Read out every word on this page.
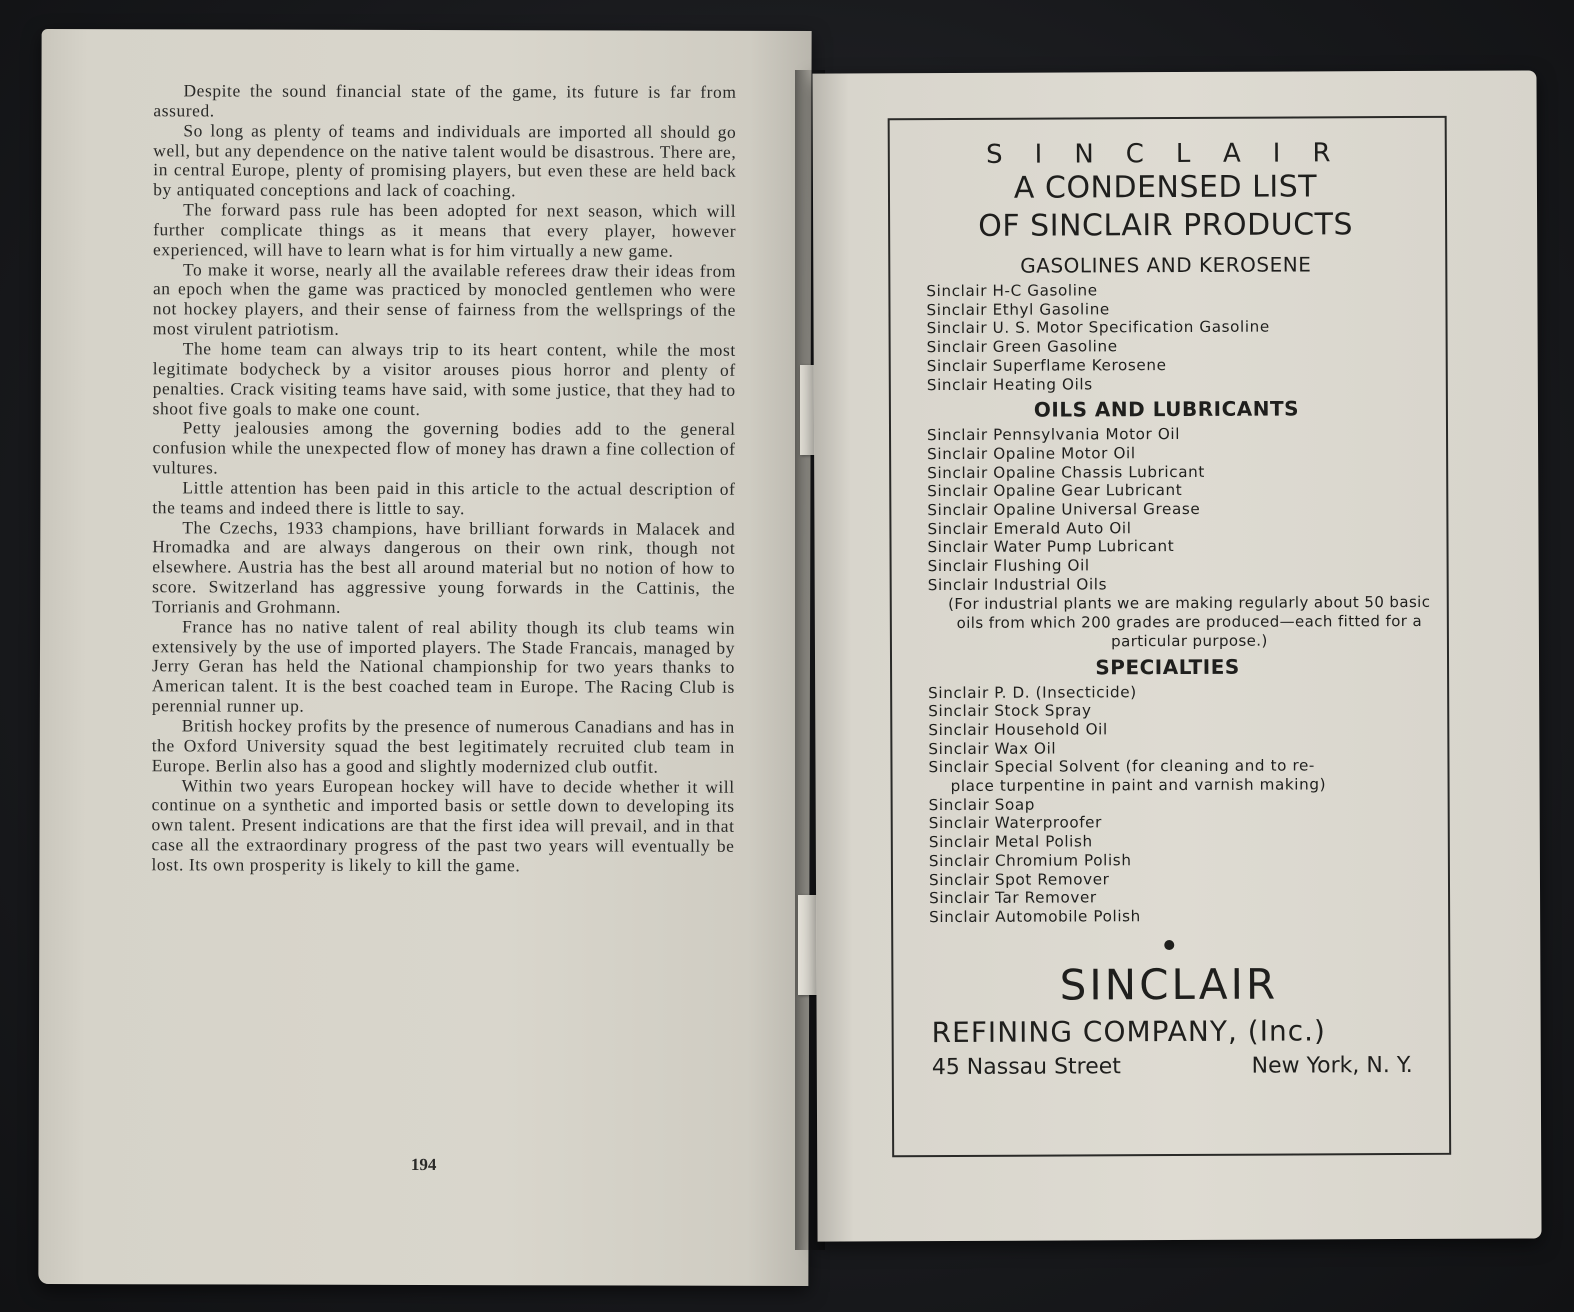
Despite the sound financial state of the game, its future is far from assured.

So long as plenty of teams and individuals are imported all should go well, but any dependence on the native talent would be disastrous. There are, in central Europe, plenty of promising players, but even these are held back by antiquated conceptions and lack of coaching.

The forward pass rule has been adopted for next season, which will further complicate things as it means that every player, however experienced, will have to learn what is for him virtually a new game.

To make it worse, nearly all the available referees draw their ideas from an epoch when the game was practiced by monocled gentlemen who were not hockey players, and their sense of fairness from the wellsprings of the most virulent patriotism.

The home team can always trip to its heart content, while the most legitimate bodycheck by a visitor arouses pious horror and plenty of penalties. Crack visiting teams have said, with some justice, that they had to shoot five goals to make one count.

Petty jealousies among the governing bodies add to the general confusion while the unexpected flow of money has drawn a fine collection of vultures.

Little attention has been paid in this article to the actual description of the teams and indeed there is little to say.

The Czechs, 1933 champions, have brilliant forwards in Malacek and Hromadka and are always dangerous on their own rink, though not elsewhere. Austria has the best all around material but no notion of how to score. Switzerland has aggressive young forwards in the Cattinis, the Torrianis and Grohmann.

France has no native talent of real ability though its club teams win extensively by the use of imported players. The Stade Francais, managed by Jerry Geran has held the National championship for two years thanks to American talent. It is the best coached team in Europe. The Racing Club is perennial runner up.

British hockey profits by the presence of numerous Canadians and has in the Oxford University squad the best legitimately recruited club team in Europe. Berlin also has a good and slightly modernized club outfit.

Within two years European hockey will have to decide whether it will continue on a synthetic and imported basis or settle down to developing its own talent. Present indications are that the first idea will prevail, and in that case all the extraordinary progress of the past two years will eventually be lost. Its own prosperity is likely to kill the game.

194
SINCLAIR
A CONDENSED LIST
OF SINCLAIR PRODUCTS
GASOLINES AND KEROSENE
Sinclair H-C Gasoline
Sinclair Ethyl Gasoline
Sinclair U. S. Motor Specification Gasoline
Sinclair Green Gasoline
Sinclair Superflame Kerosene
Sinclair Heating Oils
OILS AND LUBRICANTS
Sinclair Pennsylvania Motor Oil
Sinclair Opaline Motor Oil
Sinclair Opaline Chassis Lubricant
Sinclair Opaline Gear Lubricant
Sinclair Opaline Universal Grease
Sinclair Emerald Auto Oil
Sinclair Water Pump Lubricant
Sinclair Flushing Oil
Sinclair Industrial Oils
(For industrial plants we are making regularly about 50 basic oils from which 200 grades are produced—each fitted for a particular purpose.)
SPECIALTIES
Sinclair P. D. (Insecticide)
Sinclair Stock Spray
Sinclair Household Oil
Sinclair Wax Oil
Sinclair Special Solvent (for cleaning and to re-
place turpentine in paint and varnish making)
Sinclair Soap
Sinclair Waterproofer
Sinclair Metal Polish
Sinclair Chromium Polish
Sinclair Spot Remover
Sinclair Tar Remover
Sinclair Automobile Polish
SINCLAIR
REFINING COMPANY, (Inc.)
45 Nassau Street	New York, N. Y.
